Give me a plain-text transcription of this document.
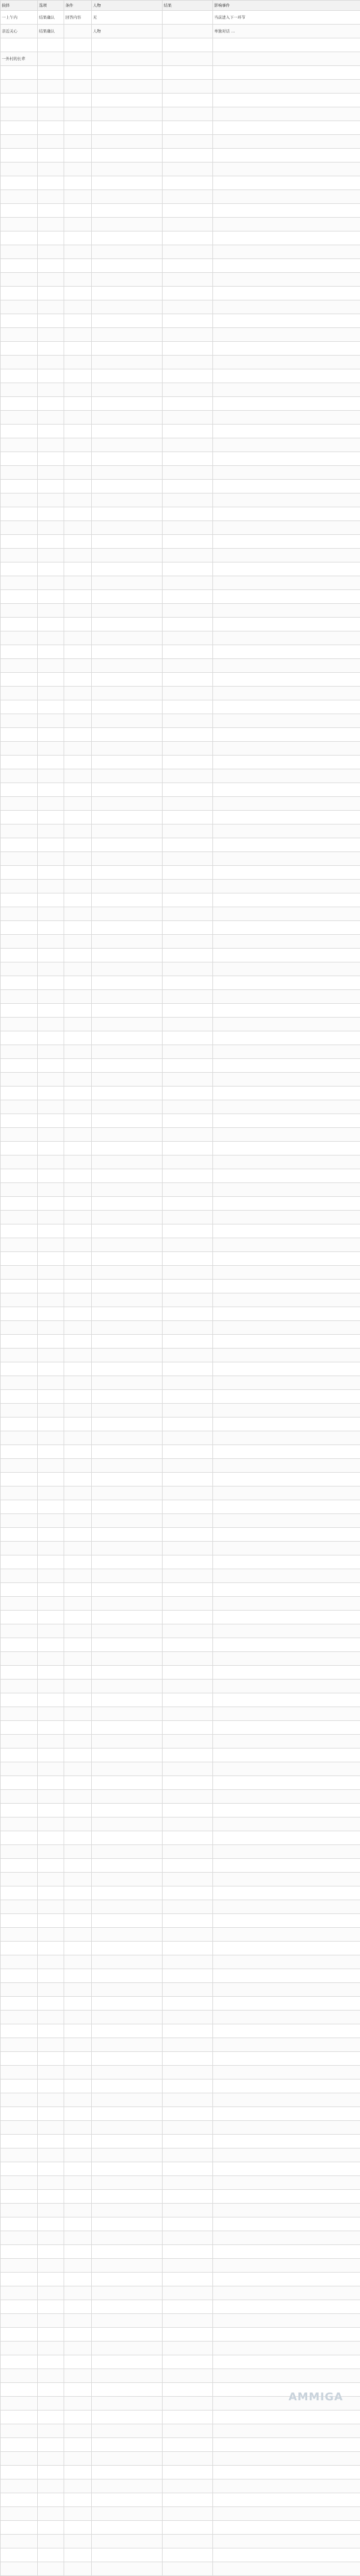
抉择	选项	条件	人物	结果	影响事件
一上午内	结果确认	回答内容	无		当前进入下一环节
亲近关心	结果确认		人物		单独对话 …

一外村的长辈					

AMMIGA
